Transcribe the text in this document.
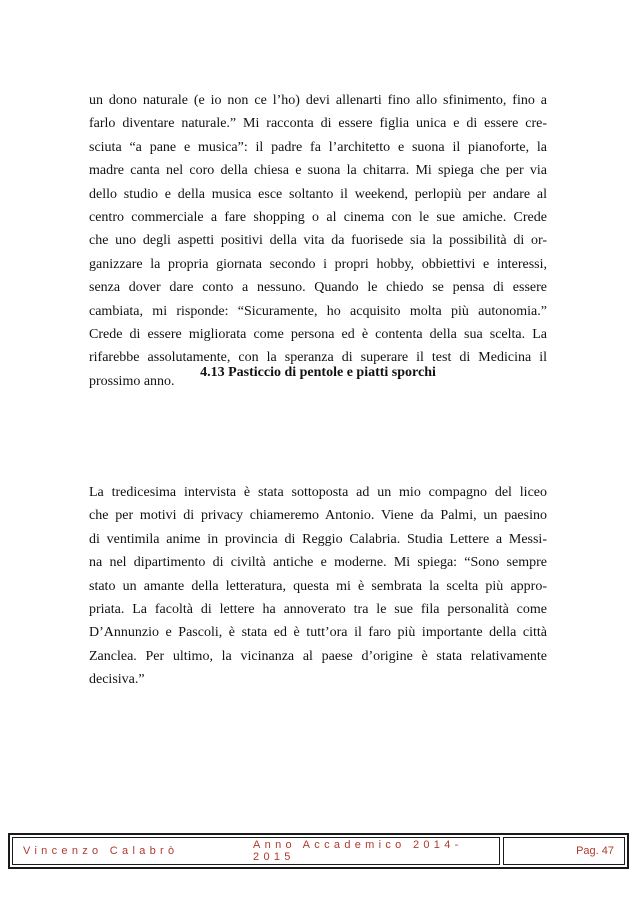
un dono naturale (e io non ce l’ho) devi allenarti fino allo sfinimento, fino a
farlo diventare naturale.” Mi racconta di essere figlia unica e di essere cre-
sciuta “a pane e musica”: il padre fa l’architetto e suona il pianoforte, la
madre canta nel coro della chiesa e suona la chitarra. Mi spiega che per via
dello studio e della musica esce soltanto il weekend, perlopiù per andare al
centro commerciale a fare shopping o al cinema con le sue amiche. Crede
che uno degli aspetti positivi della vita da fuorisede sia la possibilità di or-
ganizzare la propria giornata secondo i propri hobby, obbiettivi e interessi,
senza dover dare conto a nessuno. Quando le chiedo se pensa di essere
cambiata, mi risponde: “Sicuramente, ho acquisito molta più autonomia.”
Crede di essere migliorata come persona ed è contenta della sua scelta. La
rifarebbe assolutamente, con la speranza di superare il test di Medicina il
prossimo anno.
4.13 Pasticcio di pentole e piatti sporchi
La tredicesima intervista è stata sottoposta ad un mio compagno del liceo
che per motivi di privacy chiameremo Antonio. Viene da Palmi, un paesino
di ventimila anime in provincia di Reggio Calabria. Studia Lettere a Messi-
na nel dipartimento di civiltà antiche e moderne. Mi spiega: “Sono sempre
stato un amante della letteratura, questa mi è sembrata la scelta più appro-
priata. La facoltà di lettere ha annoverato tra le sue fila personalità come
D’Annunzio e Pascoli, è stata ed è tutt’ora il faro più importante della città
Zanclea. Per ultimo, la vicinanza al paese d’origine è stata relativamente
decisiva.”
Vincenzo Calabrò	Anno Accademico 2014-2015	Pag. 47
